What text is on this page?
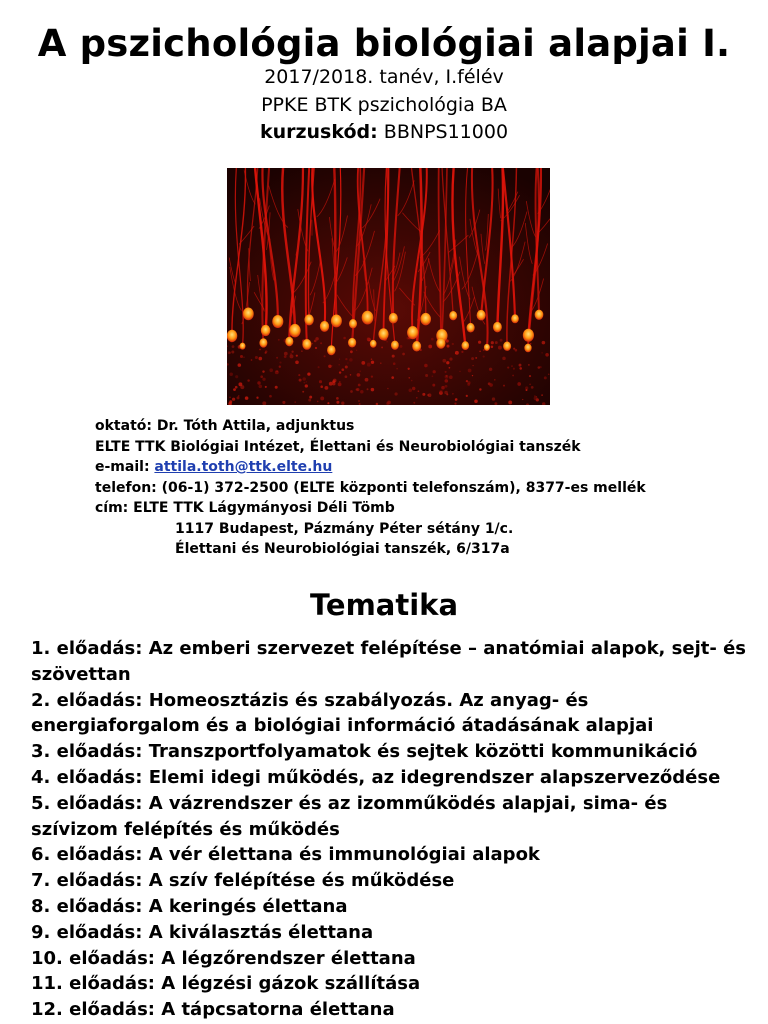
A pszichológia biológiai alapjai I.
2017/2018. tanév, I.félév
PPKE BTK pszichológia BA
kurzuskód: BBNPS11000
oktató: Dr. Tóth Attila, adjunktus
ELTE TTK Biológiai Intézet, Élettani és Neurobiológiai tanszék
e-mail: attila.toth@ttk.elte.hu
telefon: (06-1) 372-2500 (ELTE központi telefonszám), 8377-es mellék
cím: ELTE TTK Lágymányosi Déli Tömb
1117 Budapest, Pázmány Péter sétány 1/c.
Élettani és Neurobiológiai tanszék, 6/317a
Tematika

1. előadás: Az emberi szervezet felépítése – anatómiai alapok, sejt- és szövettan

2. előadás: Homeosztázis és szabályozás. Az anyag- és energiaforgalom és a biológiai információ átadásának alapjai

3. előadás: Transzportfolyamatok és sejtek közötti kommunikáció

4. előadás: Elemi idegi működés, az idegrendszer alapszerveződése

5. előadás: A vázrendszer és az izomműködés alapjai, sima- és szívizom felépítés és működés

6. előadás: A vér élettana és immunológiai alapok

7. előadás: A szív felépítése és működése

8. előadás: A keringés élettana

9. előadás: A kiválasztás élettana

10. előadás: A légzőrendszer élettana

11. előadás: A légzési gázok szállítása

12. előadás: A tápcsatorna élettana
